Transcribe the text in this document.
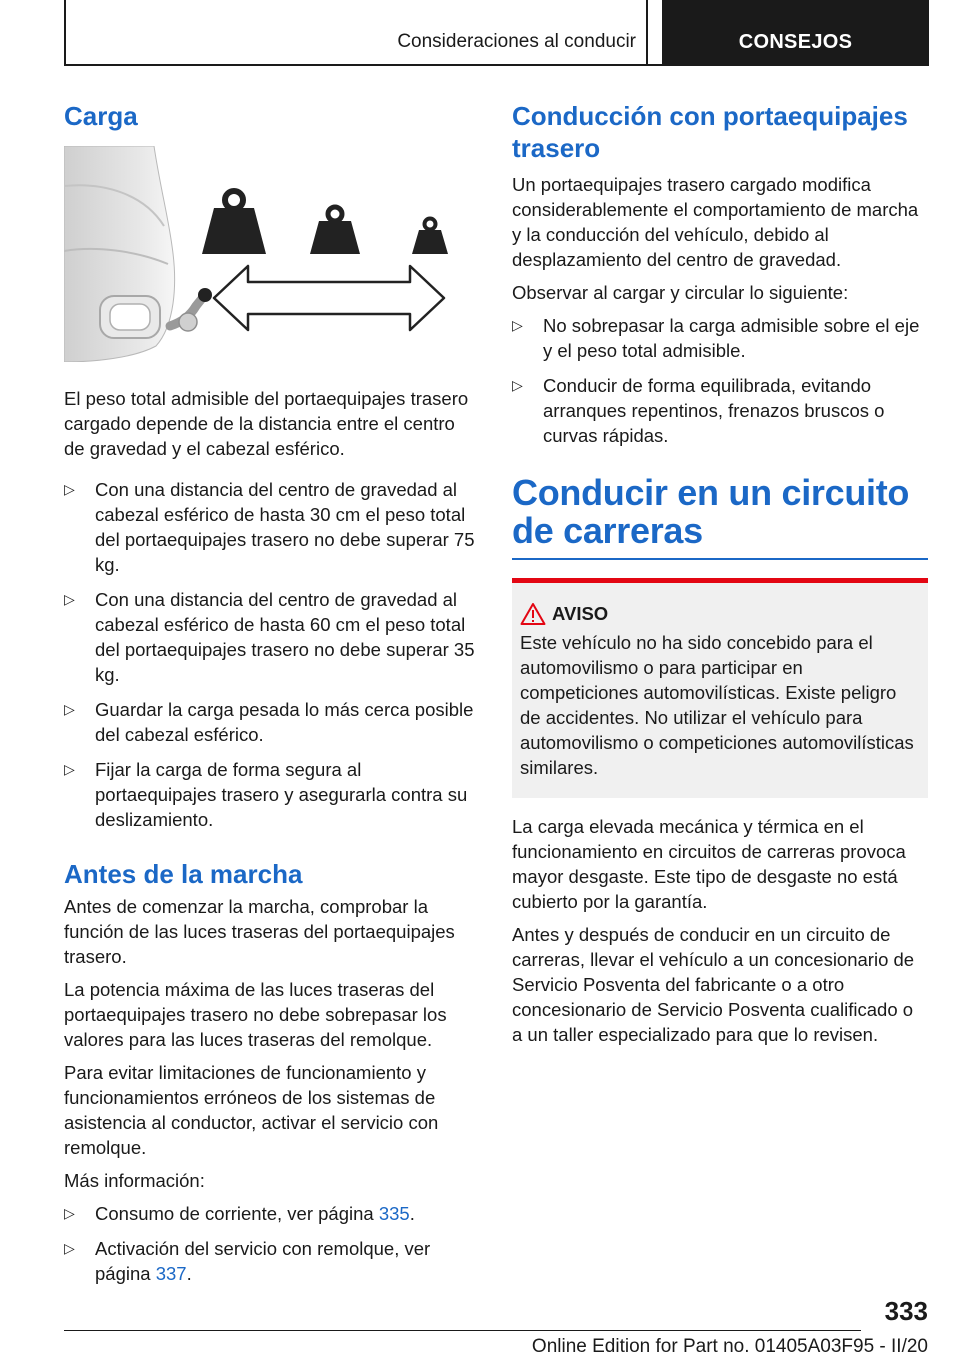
Consideraciones al conducir	CONSEJOS
Carga

El peso total admisible del portaequipajes trasero cargado depende de la distancia entre el centro de gravedad y el cabezal esférico.

▷ Con una distancia del centro de gravedad al cabezal esférico de hasta 30 cm el peso total del portaequipajes trasero no debe superar 75 kg.
▷ Con una distancia del centro de gravedad al cabezal esférico de hasta 60 cm el peso total del portaequipajes trasero no debe superar 35 kg.
▷ Guardar la carga pesada lo más cerca posible del cabezal esférico.
▷ Fijar la carga de forma segura al portaequipajes trasero y asegurarla contra su deslizamiento.
Antes de la marcha

Antes de comenzar la marcha, comprobar la función de las luces traseras del portaequipajes trasero.

La potencia máxima de las luces traseras del portaequipajes trasero no debe sobrepasar los valores para las luces traseras del remolque.

Para evitar limitaciones de funcionamiento y funcionamientos erróneos de los sistemas de asistencia al conductor, activar el servicio con remolque.

Más información:

▷ Consumo de corriente, ver página 335.
▷ Activación del servicio con remolque, ver página 337.
Conducción con portaequipajes trasero

Un portaequipajes trasero cargado modifica considerablemente el comportamiento de marcha y la conducción del vehículo, debido al desplazamiento del centro de gravedad.

Observar al cargar y circular lo siguiente:

▷ No sobrepasar la carga admisible sobre el eje y el peso total admisible.
▷ Conducir de forma equilibrada, evitando arranques repentinos, frenazos bruscos o curvas rápidas.
Conducir en un circuito de carreras
AVISO

Este vehículo no ha sido concebido para el automovilismo o para participar en competiciones automovilísticas. Existe peligro de accidentes. No utilizar el vehículo para automovilismo o competiciones automovilísticas similares.

La carga elevada mecánica y térmica en el funcionamiento en circuitos de carreras provoca mayor desgaste. Este tipo de desgaste no está cubierto por la garantía.

Antes y después de conducir en un circuito de carreras, llevar el vehículo a un concesionario de Servicio Posventa del fabricante o a otro concesionario de Servicio Posventa cualificado o a un taller especializado para que lo revisen.

333
Online Edition for Part no. 01405A03F95 - II/20
